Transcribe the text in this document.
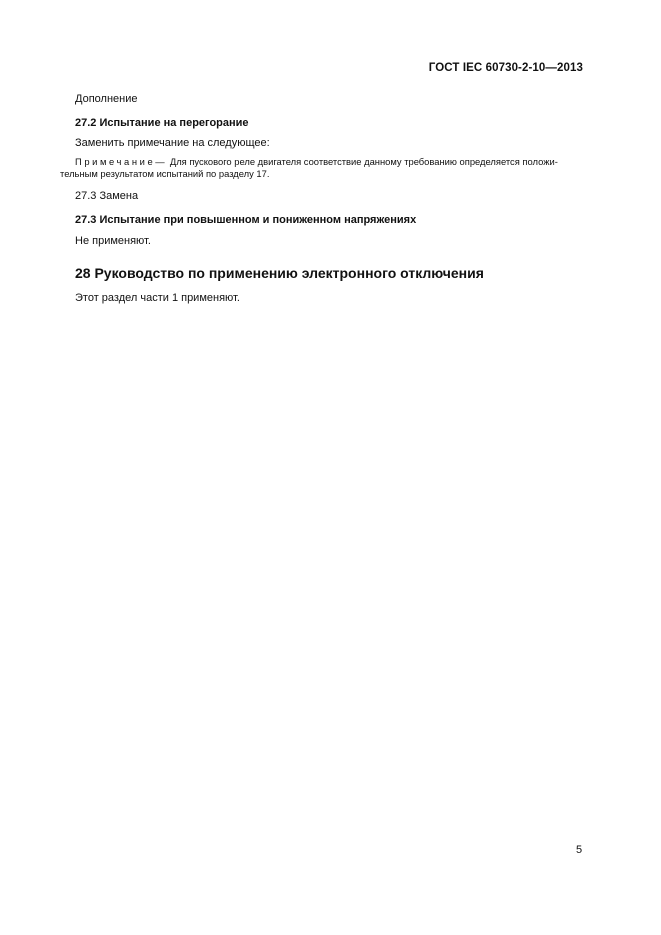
ГОСТ IEC 60730-2-10—2013

Дополнение

27.2 Испытание на перегорание

Заменить примечание на следующее:

Примечание— Для пускового реле двигателя соответствие данному требованию определяется положи-

тельным результатом испытаний по разделу 17.

27.3 Замена

27.3 Испытание при повышенном и пониженном напряжениях

Не применяют.

28 Руководство по применению электронного отключения

Этот раздел части 1 применяют.

5
